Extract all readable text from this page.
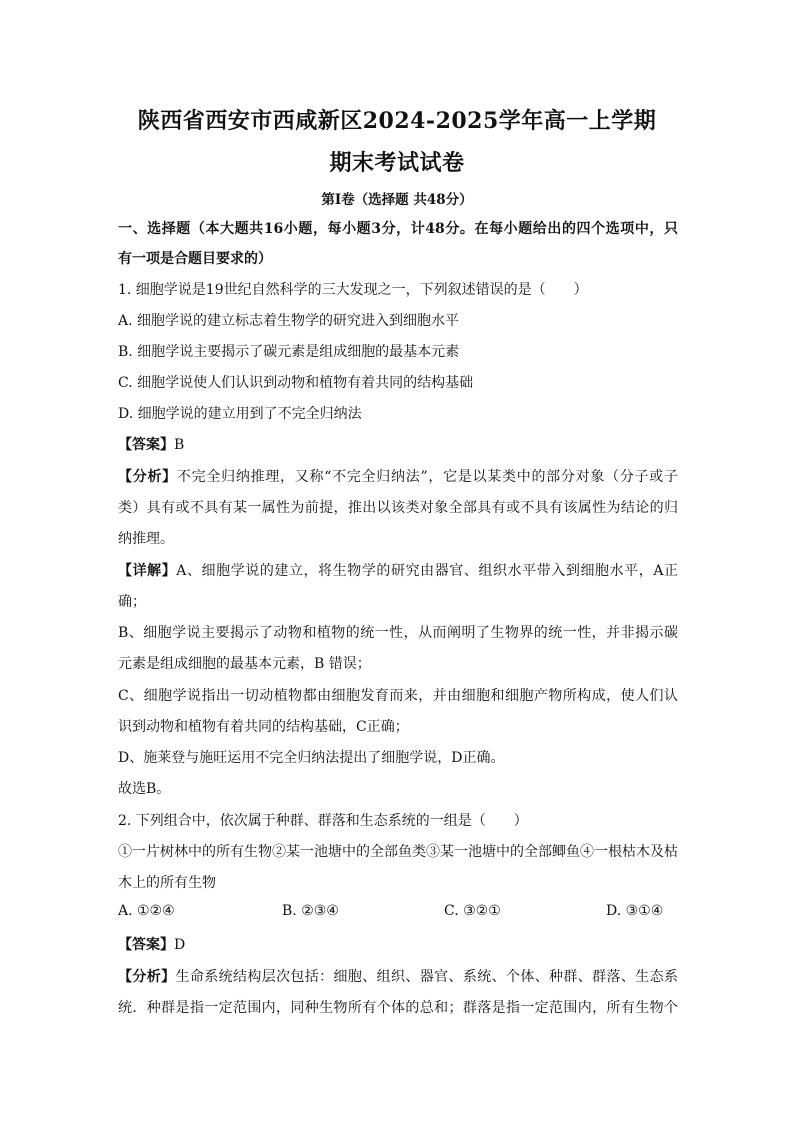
陕西省西安市西咸新区2024-2025学年高一上学期
期末考试试卷
第Ⅰ卷（选择题 共48分）
一、选择题（本大题共16小题，每小题3分，计48分。在每小题给出的四个选项中，只
有一项是合题目要求的）
1. 细胞学说是19世纪自然科学的三大发现之一，下列叙述错误的是（　　）
A. 细胞学说的建立标志着生物学的研究进入到细胞水平
B. 细胞学说主要揭示了碳元素是组成细胞的最基本元素
C. 细胞学说使人们认识到动物和植物有着共同的结构基础
D. 细胞学说的建立用到了不完全归纳法
【答案】B
【分析】不完全归纳推理，又称“不完全归纳法”，它是以某类中的部分对象（分子或子
类）具有或不具有某一属性为前提，推出以该类对象全部具有或不具有该属性为结论的归
纳推理。
【详解】A、细胞学说的建立，将生物学的研究由器官、组织水平带入到细胞水平，A正
确；
B、细胞学说主要揭示了动物和植物的统一性，从而阐明了生物界的统一性，并非揭示碳
元素是组成细胞的最基本元素，B 错误；
C、细胞学说指出一切动植物都由细胞发育而来，并由细胞和细胞产物所构成，使人们认
识到动物和植物有着共同的结构基础，C正确；
D、施莱登与施旺运用不完全归纳法提出了细胞学说，D正确。
故选B。
2. 下列组合中，依次属于种群、群落和生态系统的一组是（　　）
①一片树林中的所有生物②某一池塘中的全部鱼类③某一池塘中的全部鲫鱼④一根枯木及枯
木上的所有生物
A. ①②④	B. ②③④	C. ③②①	D. ③①④
【答案】D
【分析】生命系统结构层次包括：细胞、组织、器官、系统、个体、种群、群落、生态系
统．种群是指一定范围内，同种生物所有个体的总和；群落是指一定范围内，所有生物个
